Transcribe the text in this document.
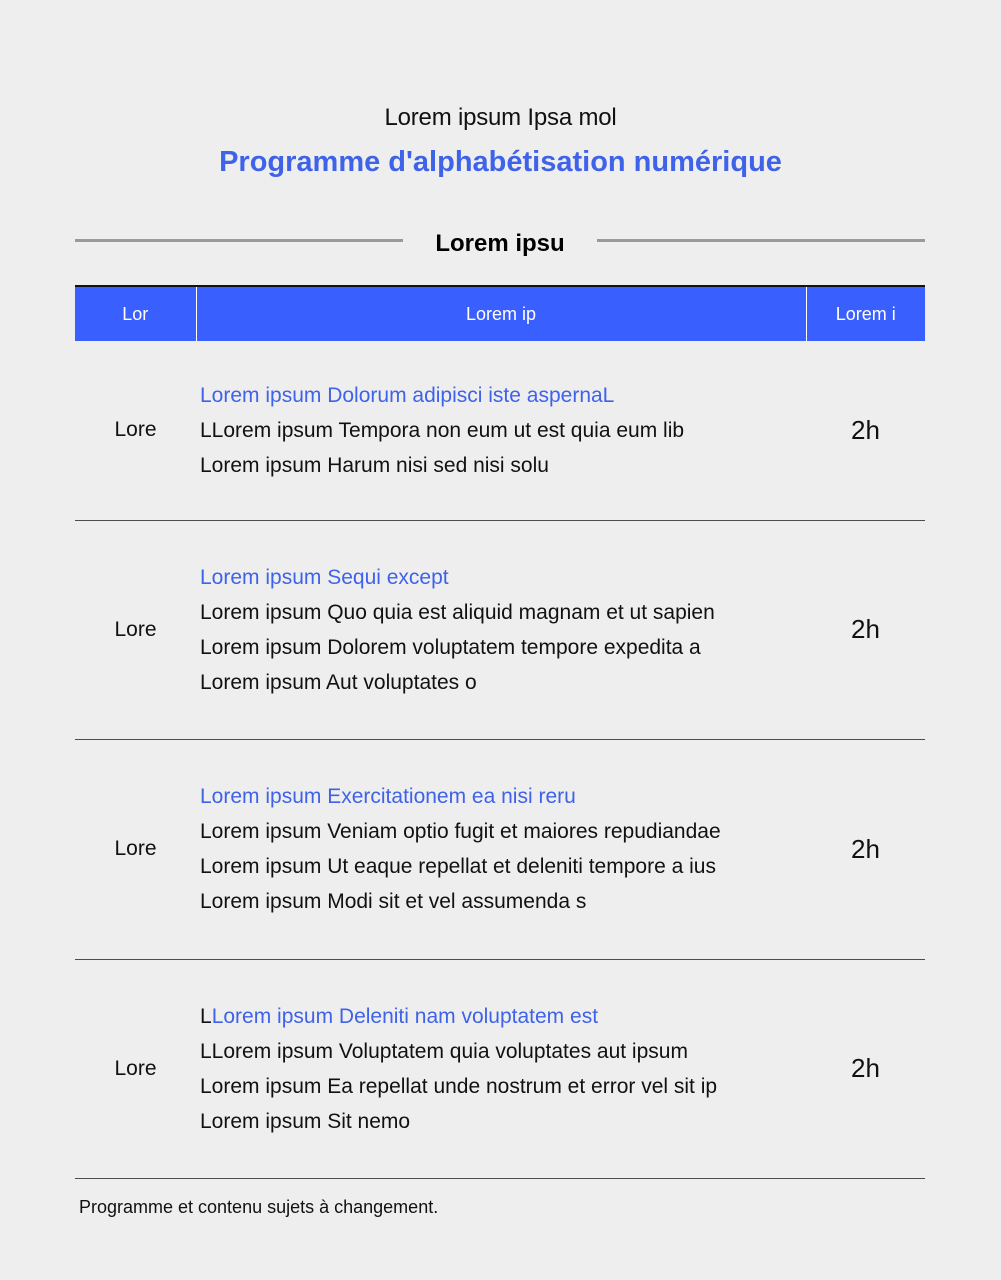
Lorem ipsum Ipsa mol
Programme d'alphabétisation numérique
Lorem ipsu
Lor	Lorem ip	Lorem i
Lore	Lorem ipsum Dolorum adipisci iste aspernaL
LLorem ipsum Tempora non eum ut est quia eum lib
Lorem ipsum Harum nisi sed nisi solu	2h
Lore	Lorem ipsum Sequi except
Lorem ipsum Quo quia est aliquid magnam et ut sapien
Lorem ipsum Dolorem voluptatem tempore expedita a
Lorem ipsum Aut voluptates o	2h
Lore	Lorem ipsum Exercitationem ea nisi reru
Lorem ipsum Veniam optio fugit et maiores repudiandae
Lorem ipsum Ut eaque repellat et deleniti tempore a ius
Lorem ipsum Modi sit et vel assumenda s	2h
Lore	LLorem ipsum Deleniti nam voluptatem est
LLorem ipsum Voluptatem quia voluptates aut ipsum
Lorem ipsum Ea repellat unde nostrum et error vel sit ip
Lorem ipsum Sit nemo	2h
Programme et contenu sujets à changement.
